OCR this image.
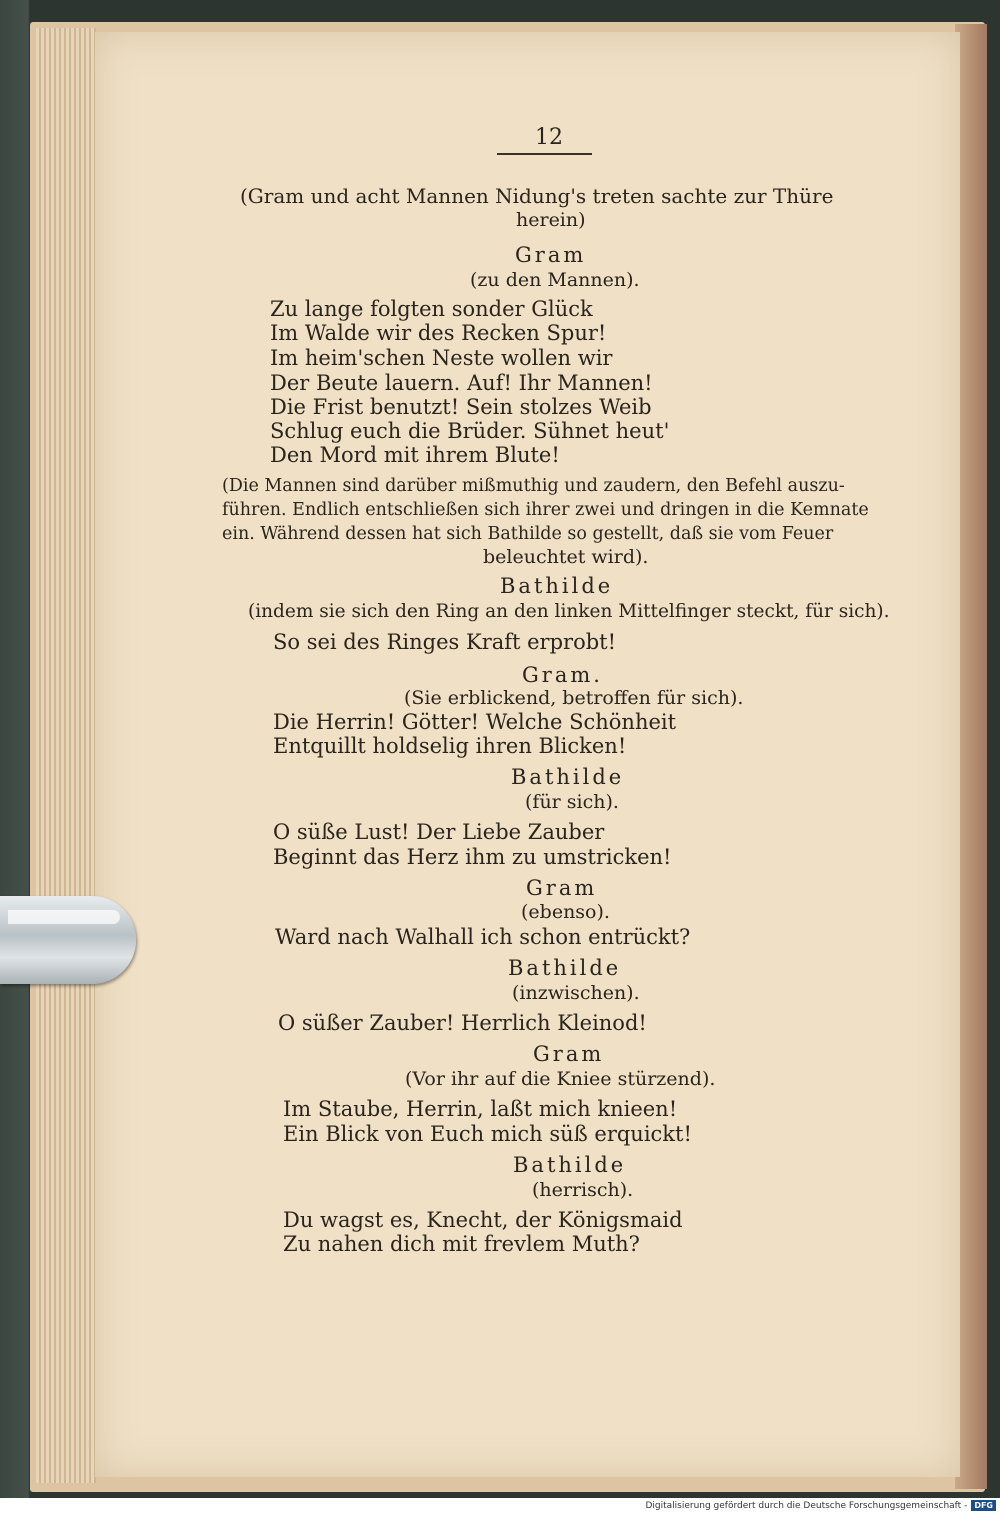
12
(Gram und acht Mannen Nidung's treten sachte zur Thüre
herein)
Gram
(zu den Mannen).
Zu lange folgten sonder Glück
Im Walde wir des Recken Spur!
Im heim'schen Neste wollen wir
Der Beute lauern. Auf! Ihr Mannen!
Die Frist benutzt! Sein stolzes Weib
Schlug euch die Brüder. Sühnet heut'
Den Mord mit ihrem Blute!
(Die Mannen sind darüber mißmuthig und zaudern, den Befehl auszu-
führen. Endlich entschließen sich ihrer zwei und dringen in die Kemnate
ein. Während dessen hat sich Bathilde so gestellt, daß sie vom Feuer
beleuchtet wird).
Bathilde
(indem sie sich den Ring an den linken Mittelfinger steckt, für sich).
So sei des Ringes Kraft erprobt!
Gram.
(Sie erblickend, betroffen für sich).
Die Herrin! Götter! Welche Schönheit
Entquillt holdselig ihren Blicken!
Bathilde
(für sich).
O süße Lust! Der Liebe Zauber
Beginnt das Herz ihm zu umstricken!
Gram
(ebenso).
Ward nach Walhall ich schon entrückt?
Bathilde
(inzwischen).
O süßer Zauber! Herrlich Kleinod!
Gram
(Vor ihr auf die Kniee stürzend).
Im Staube, Herrin, laßt mich knieen!
Ein Blick von Euch mich süß erquickt!
Bathilde
(herrisch).
Du wagst es, Knecht, der Königsmaid
Zu nahen dich mit frevlem Muth?
Digitalisierung gefördert durch die Deutsche Forschungsgemeinschaft - DFG
